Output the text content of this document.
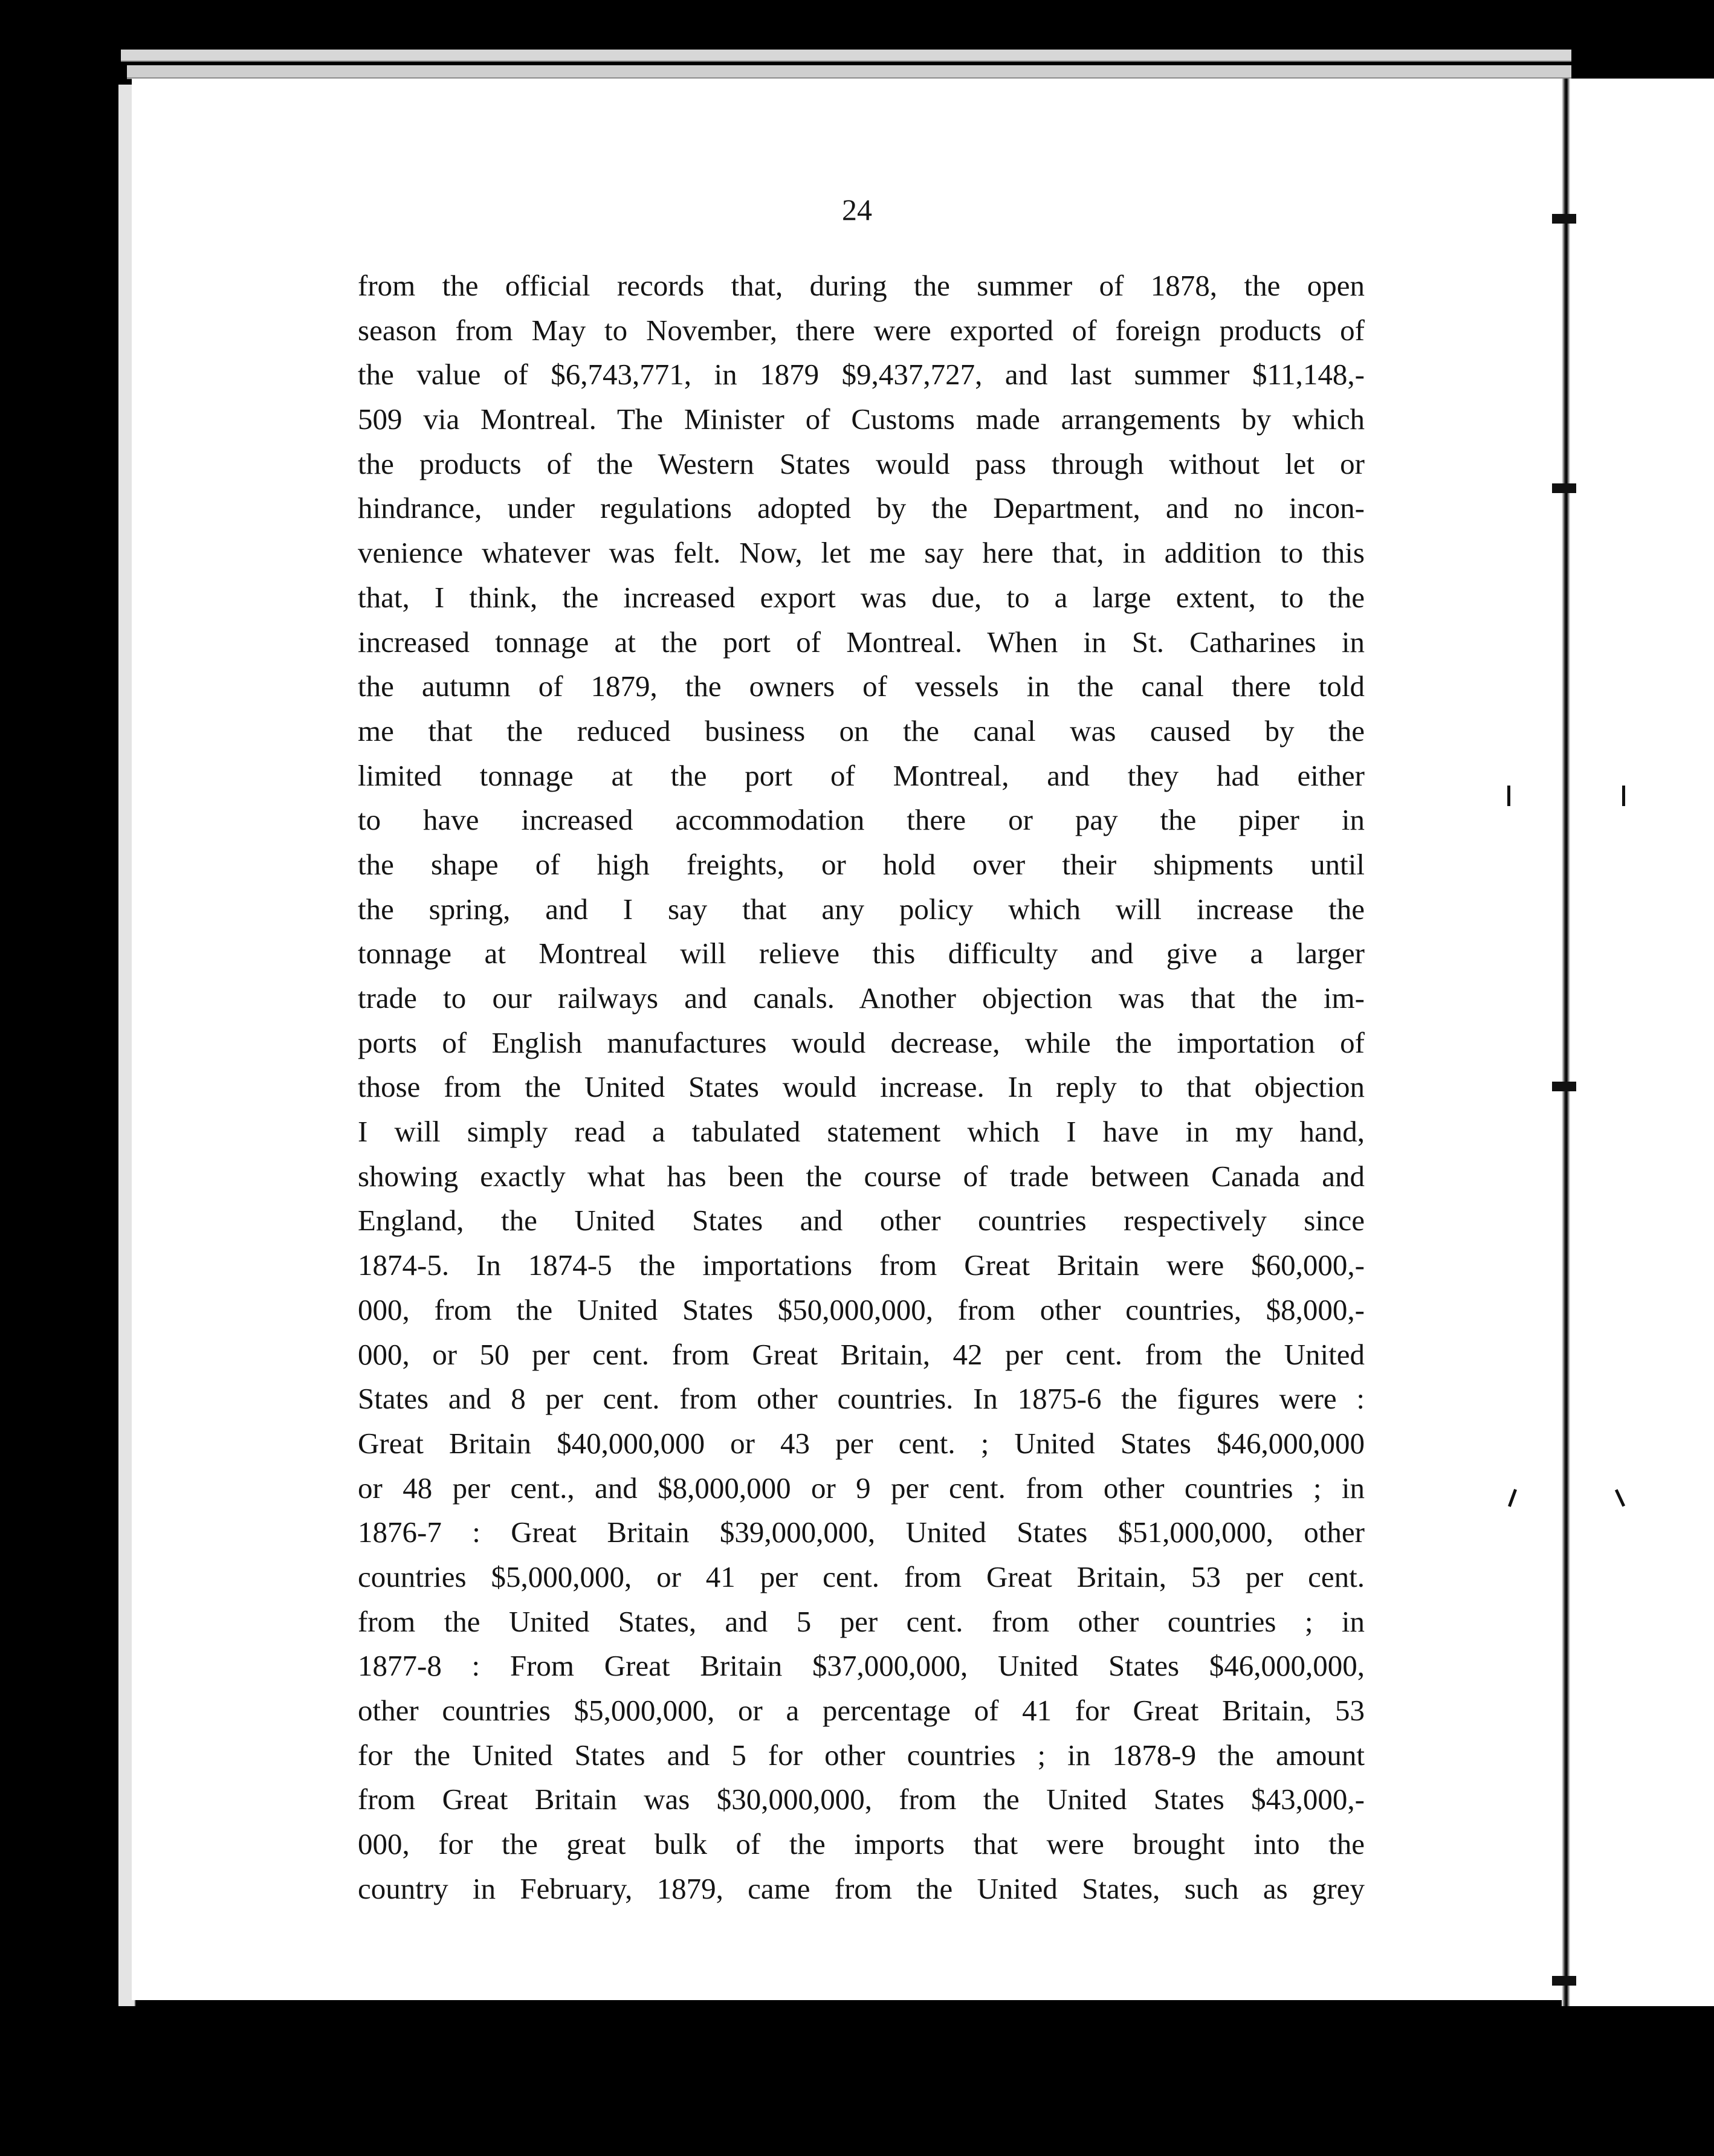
24
from the official records that, during the summer of 1878, the open
season from May to November, there were exported of foreign products of
the value of $6,743,771, in 1879 $9,437,727, and last summer $11,148,-
509 via Montreal. The Minister of Customs made arrangements by which
the products of the Western States would pass through without let or
hindrance, under regulations adopted by the Department, and no incon-
venience whatever was felt. Now, let me say here that, in addition to this
that, I think, the increased export was due, to a large extent, to the
increased tonnage at the port of Montreal. When in St. Catharines in
the autumn of 1879, the owners of vessels in the canal there told
me that the reduced business on the canal was caused by the
limited tonnage at the port of Montreal, and they had either
to have increased accommodation there or pay the piper in
the shape of high freights, or hold over their shipments until
the spring, and I say that any policy which will increase the
tonnage at Montreal will relieve this difficulty and give a larger
trade to our railways and canals. Another objection was that the im-
ports of English manufactures would decrease, while the importation of
those from the United States would increase. In reply to that objection
I will simply read a tabulated statement which I have in my hand,
showing exactly what has been the course of trade between Canada and
England, the United States and other countries respectively since
1874-5. In 1874-5 the importations from Great Britain were $60,000,-
000, from the United States $50,000,000, from other countries, $8,000,-
000, or 50 per cent. from Great Britain, 42 per cent. from the United
States and 8 per cent. from other countries. In 1875-6 the figures were :
Great Britain $40,000,000 or 43 per cent. ; United States $46,000,000
or 48 per cent., and $8,000,000 or 9 per cent. from other countries ; in
1876-7 : Great Britain $39,000,000, United States $51,000,000, other
countries $5,000,000, or 41 per cent. from Great Britain, 53 per cent.
from the United States, and 5 per cent. from other countries ; in
1877-8 : From Great Britain $37,000,000, United States $46,000,000,
other countries $5,000,000, or a percentage of 41 for Great Britain, 53
for the United States and 5 for other countries ; in 1878-9 the amount
from Great Britain was $30,000,000, from the United States $43,000,-
000, for the great bulk of the imports that were brought into the
country in February, 1879, came from the United States, such as grey
